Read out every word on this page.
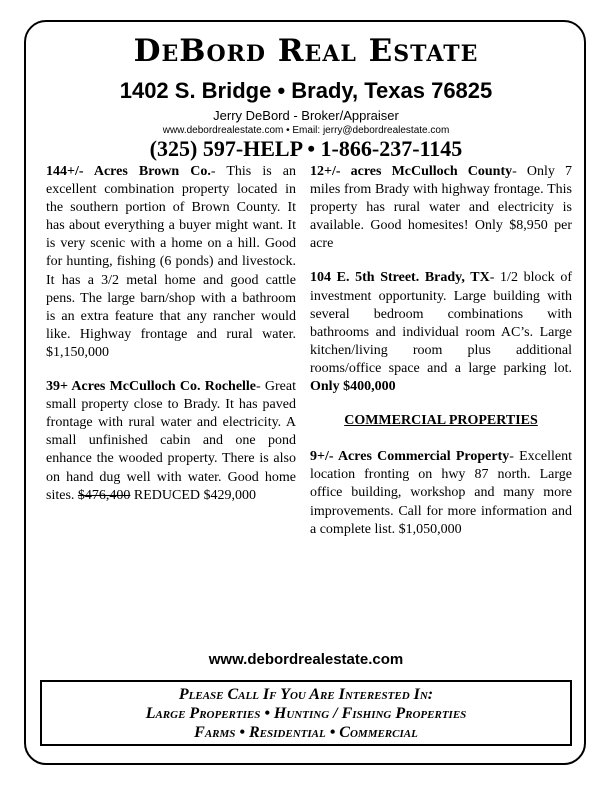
DeBord Real Estate
1402 S. Bridge • Brady, Texas 76825
Jerry DeBord - Broker/Appraiser
www.debordrealestate.com • Email: jerry@debordrealestate.com
(325) 597-HELP • 1-866-237-1145

144+/- Acres Brown Co.- This is an excellent combination property located in the southern portion of Brown County. It has about everything a buyer might want. It is very scenic with a home on a hill. Good for hunting, fishing (6 ponds) and livestock. It has a 3/2 metal home and good cattle pens. The large barn/shop with a bathroom is an extra feature that any rancher would like. Highway frontage and rural water. $1,150,000

39+ Acres McCulloch Co. Rochelle- Great small property close to Brady. It has paved frontage with rural water and electricity. A small unfinished cabin and one pond enhance the wooded property. There is also on hand dug well with water. Good home sites. $476,400 REDUCED $429,000

12+/- acres McCulloch County- Only 7 miles from Brady with highway frontage. This property has rural water and electricity is available. Good homesites! Only $8,950 per acre

104 E. 5th Street. Brady, TX- 1/2 block of investment opportunity. Large building with several bedroom combinations with bathrooms and individual room AC’s. Large kitchen/living room plus additional rooms/office space and a large parking lot. Only $400,000

COMMERCIAL PROPERTIES

9+/- Acres Commercial Property- Excellent location fronting on hwy 87 north. Large office building, workshop and many more improvements. Call for more information and a complete list. $1,050,000

www.debordrealestate.com
Please Call If You Are Interested In:
Large Properties • Hunting / Fishing Properties
Farms • Residential • Commercial
